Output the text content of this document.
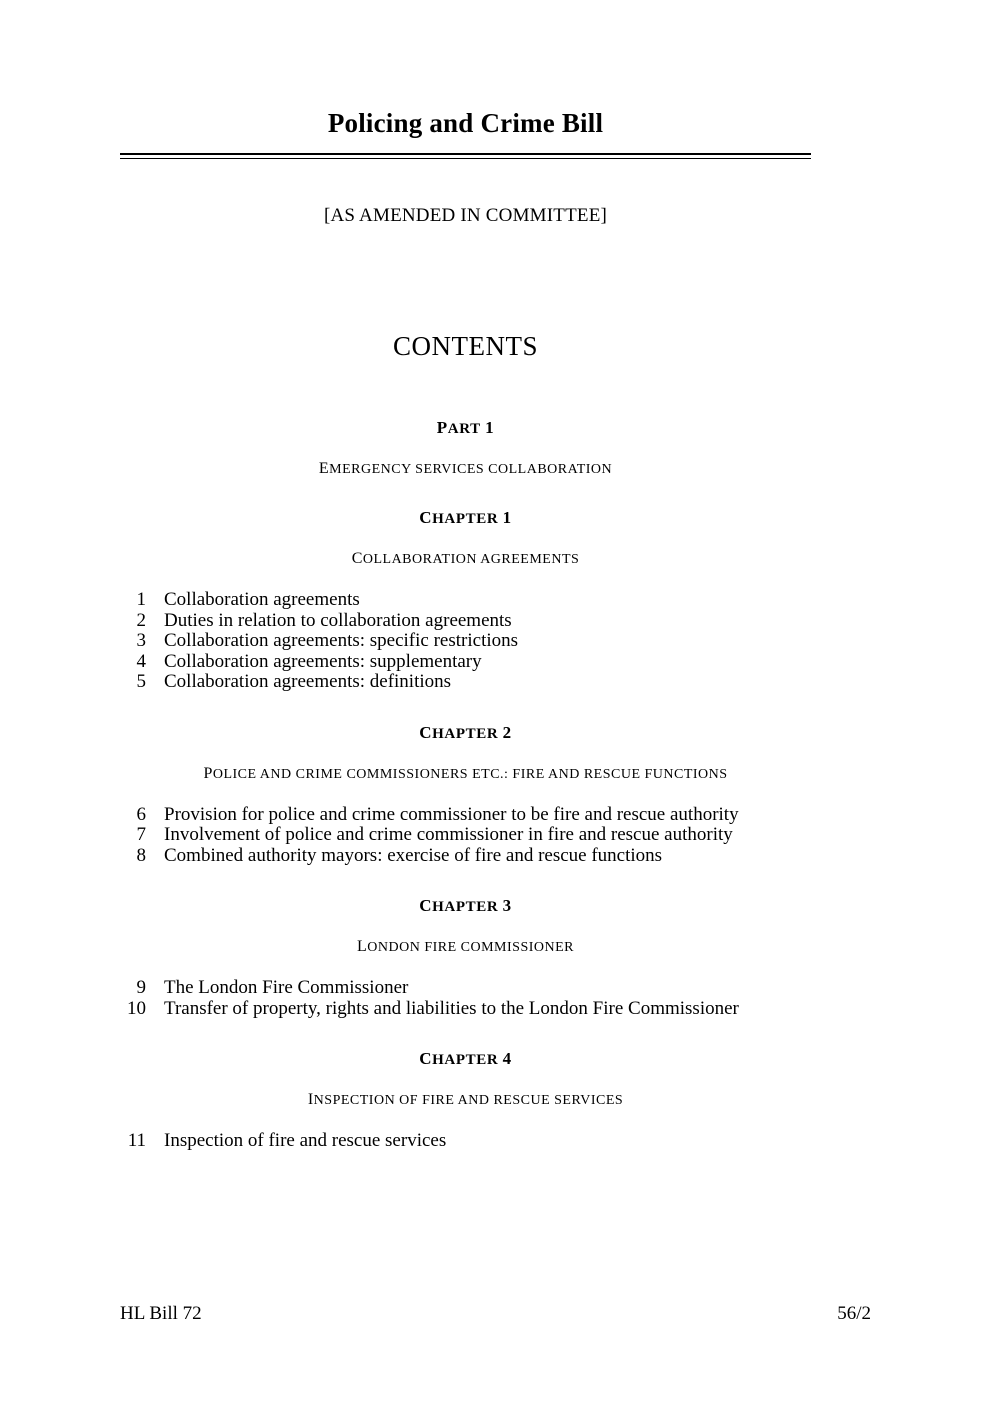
Policing and Crime Bill
[AS AMENDED IN COMMITTEE]
CONTENTS
PART 1
EMERGENCY SERVICES COLLABORATION
CHAPTER 1
COLLABORATION AGREEMENTS
1 Collaboration agreements
2 Duties in relation to collaboration agreements
3 Collaboration agreements: specific restrictions
4 Collaboration agreements: supplementary
5 Collaboration agreements: definitions
CHAPTER 2
POLICE AND CRIME COMMISSIONERS ETC.: FIRE AND RESCUE FUNCTIONS
6 Provision for police and crime commissioner to be fire and rescue authority
7 Involvement of police and crime commissioner in fire and rescue authority
8 Combined authority mayors: exercise of fire and rescue functions
CHAPTER 3
LONDON FIRE COMMISSIONER
9 The London Fire Commissioner
10 Transfer of property, rights and liabilities to the London Fire Commissioner
CHAPTER 4
INSPECTION OF FIRE AND RESCUE SERVICES
11 Inspection of fire and rescue services
HL Bill 72	56/2
